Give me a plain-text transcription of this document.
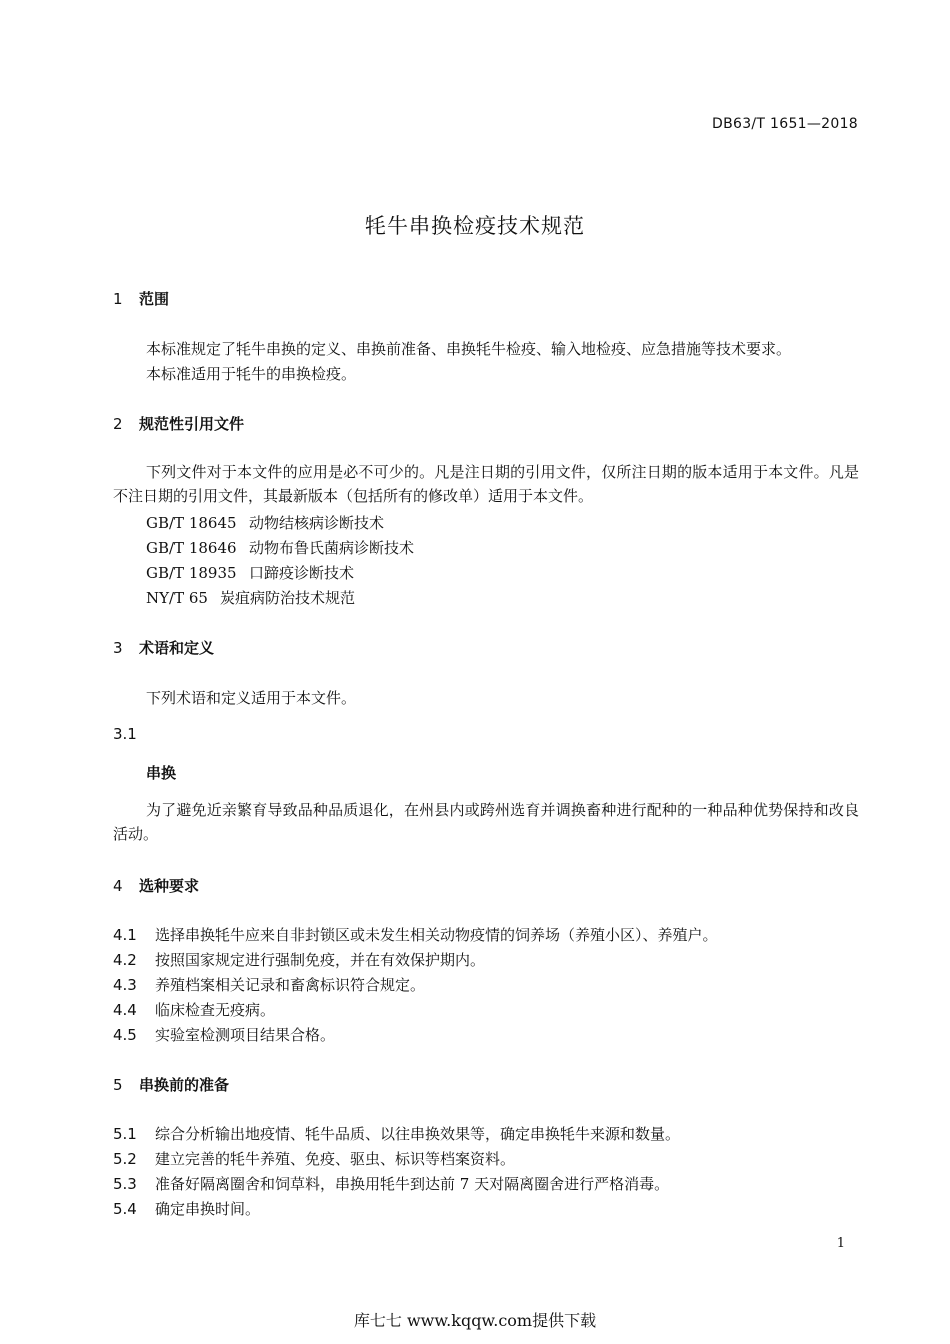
DB63/T 1651—2018
牦牛串换检疫技术规范
1 范围
本标准规定了牦牛串换的定义、串换前准备、串换牦牛检疫、输入地检疫、应急措施等技术要求。
本标准适用于牦牛的串换检疫。
2 规范性引用文件
下列文件对于本文件的应用是必不可少的。凡是注日期的引用文件，仅所注日期的版本适用于本文件。凡是不注日期的引用文件，其最新版本（包括所有的修改单）适用于本文件。
GB/T 18645 动物结核病诊断技术
GB/T 18646 动物布鲁氏菌病诊断技术
GB/T 18935 口蹄疫诊断技术
NY/T 65 炭疽病防治技术规范
3 术语和定义
下列术语和定义适用于本文件。
3.1
串换
为了避免近亲繁育导致品种品质退化，在州县内或跨州选育并调换畜种进行配种的一种品种优势保持和改良活动。
4 选种要求
4.1 选择串换牦牛应来自非封锁区或未发生相关动物疫情的饲养场（养殖小区）、养殖户。
4.2 按照国家规定进行强制免疫，并在有效保护期内。
4.3 养殖档案相关记录和畜禽标识符合规定。
4.4 临床检查无疫病。
4.5 实验室检测项目结果合格。
5 串换前的准备
5.1 综合分析输出地疫情、牦牛品质、以往串换效果等，确定串换牦牛来源和数量。
5.2 建立完善的牦牛养殖、免疫、驱虫、标识等档案资料。
5.3 准备好隔离圈舍和饲草料，串换用牦牛到达前 7 天对隔离圈舍进行严格消毒。
5.4 确定串换时间。
1
库七七 www.kqqw.com提供下载
